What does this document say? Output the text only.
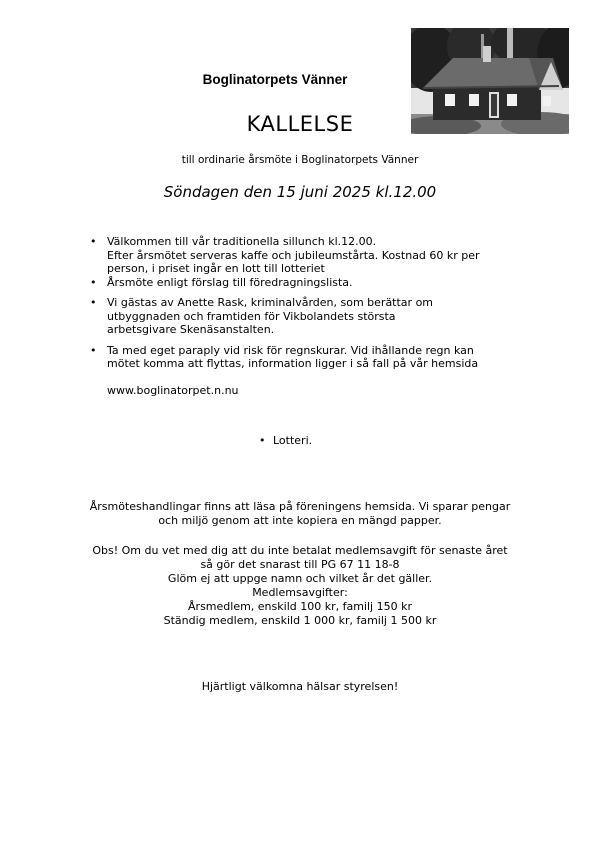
Boglinatorpets Vänner
KALLELSE
till ordinarie årsmöte i Boglinatorpets Vänner
Söndagen den 15 juni 2025 kl.12.00
• Välkommen till vår traditionella sillunch kl.12.00.
Efter årsmötet serveras kaffe och jubileumstårta. Kostnad 60 kr per
person, i priset ingår en lott till lotteriet
• Årsmöte enligt förslag till föredragningslista.
• Vi gästas av Anette Rask, kriminalvården, som berättar om
utbyggnaden och framtiden för Vikbolandets största
arbetsgivare Skenäsanstalten.
• Ta med eget paraply vid risk för regnskurar. Vid ihållande regn kan
mötet komma att flyttas, information ligger i så fall på vår hemsida
www.boglinatorpet.n.nu
• Lotteri.
Årsmöteshandlingar finns att läsa på föreningens hemsida. Vi sparar pengar
och miljö genom att inte kopiera en mängd papper.
Obs! Om du vet med dig att du inte betalat medlemsavgift för senaste året
så gör det snarast till PG 67 11 18-8
Glöm ej att uppge namn och vilket år det gäller.
Medlemsavgifter:
Årsmedlem, enskild 100 kr, familj 150 kr
Ständig medlem, enskild 1 000 kr, familj 1 500 kr
Hjärtligt välkomna hälsar styrelsen!
